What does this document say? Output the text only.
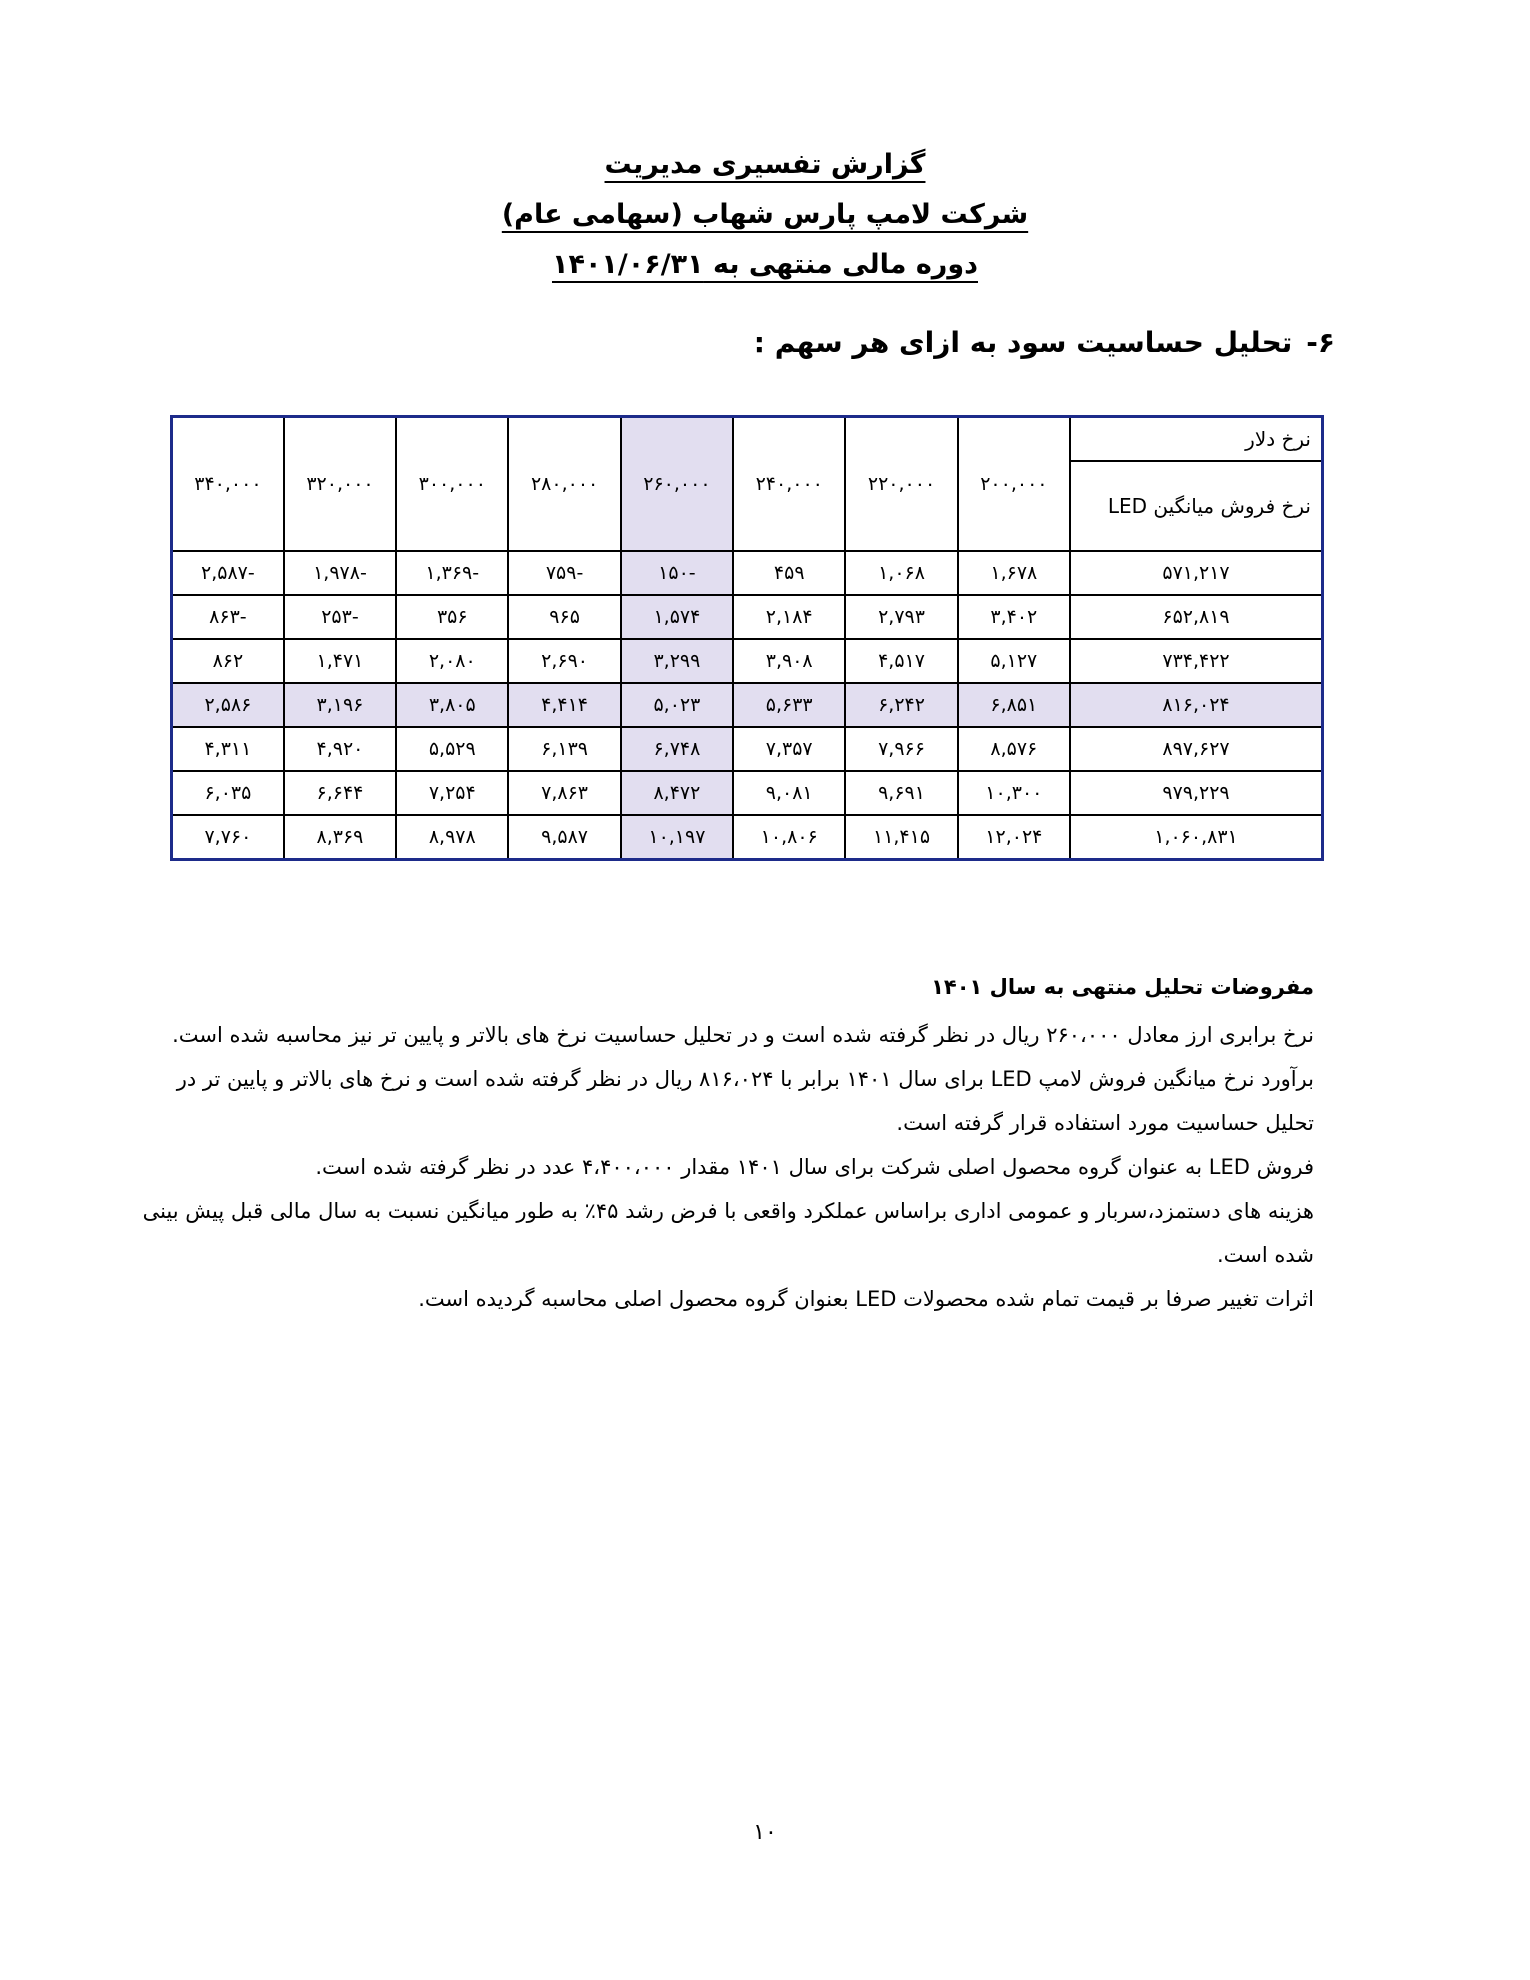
گزارش تفسیری مدیریت
شرکت لامپ پارس شهاب (سهامی عام)
دوره مالی منتهی به ۱۴۰۱/۰۶/۳۱
۶-تحلیل حساسیت سود به ازای هر سهم :
نرخ دلار	۲۰۰,۰۰۰	۲۲۰,۰۰۰	۲۴۰,۰۰۰	۲۶۰,۰۰۰	۲۸۰,۰۰۰	۳۰۰,۰۰۰	۳۲۰,۰۰۰	۳۴۰,۰۰۰
نرخ فروش میانگین LED								
۵۷۱,۲۱۷	۱,۶۷۸	۱,۰۶۸	۴۵۹	-۱۵۰	-۷۵۹	-۱,۳۶۹	-۱,۹۷۸	-۲,۵۸۷
۶۵۲,۸۱۹	۳,۴۰۲	۲,۷۹۳	۲,۱۸۴	۱,۵۷۴	۹۶۵	۳۵۶	-۲۵۳	-۸۶۳
۷۳۴,۴۲۲	۵,۱۲۷	۴,۵۱۷	۳,۹۰۸	۳,۲۹۹	۲,۶۹۰	۲,۰۸۰	۱,۴۷۱	۸۶۲
۸۱۶,۰۲۴	۶,۸۵۱	۶,۲۴۲	۵,۶۳۳	۵,۰۲۳	۴,۴۱۴	۳,۸۰۵	۳,۱۹۶	۲,۵۸۶
۸۹۷,۶۲۷	۸,۵۷۶	۷,۹۶۶	۷,۳۵۷	۶,۷۴۸	۶,۱۳۹	۵,۵۲۹	۴,۹۲۰	۴,۳۱۱
۹۷۹,۲۲۹	۱۰,۳۰۰	۹,۶۹۱	۹,۰۸۱	۸,۴۷۲	۷,۸۶۳	۷,۲۵۴	۶,۶۴۴	۶,۰۳۵
۱,۰۶۰,۸۳۱	۱۲,۰۲۴	۱۱,۴۱۵	۱۰,۸۰۶	۱۰,۱۹۷	۹,۵۸۷	۸,۹۷۸	۸,۳۶۹	۷,۷۶۰
مفروضات تحلیل منتهی به سال ۱۴۰۱

نرخ برابری ارز معادل ۲۶۰،۰۰۰ ریال در نظر گرفته شده است و در تحلیل حساسیت نرخ های بالاتر و پایین تر نیز محاسبه شده است.

برآورد نرخ میانگین فروش لامپ LED برای سال ۱۴۰۱ برابر با ۸۱۶،۰۲۴ ریال در نظر گرفته شده است و نرخ های بالاتر و پایین تر در تحلیل حساسیت مورد استفاده قرار گرفته است.

فروش LED به عنوان گروه محصول اصلی شرکت برای سال ۱۴۰۱ مقدار ۴،۴۰۰،۰۰۰ عدد در نظر گرفته شده است.

هزینه های دستمزد،سربار و عمومی اداری براساس عملکرد واقعی با فرض رشد ۴۵٪ به طور میانگین نسبت به سال مالی قبل پیش بینی شده است.

اثرات تغییر صرفا بر قیمت تمام شده محصولات LED بعنوان گروه محصول اصلی محاسبه گردیده است.

۱۰
